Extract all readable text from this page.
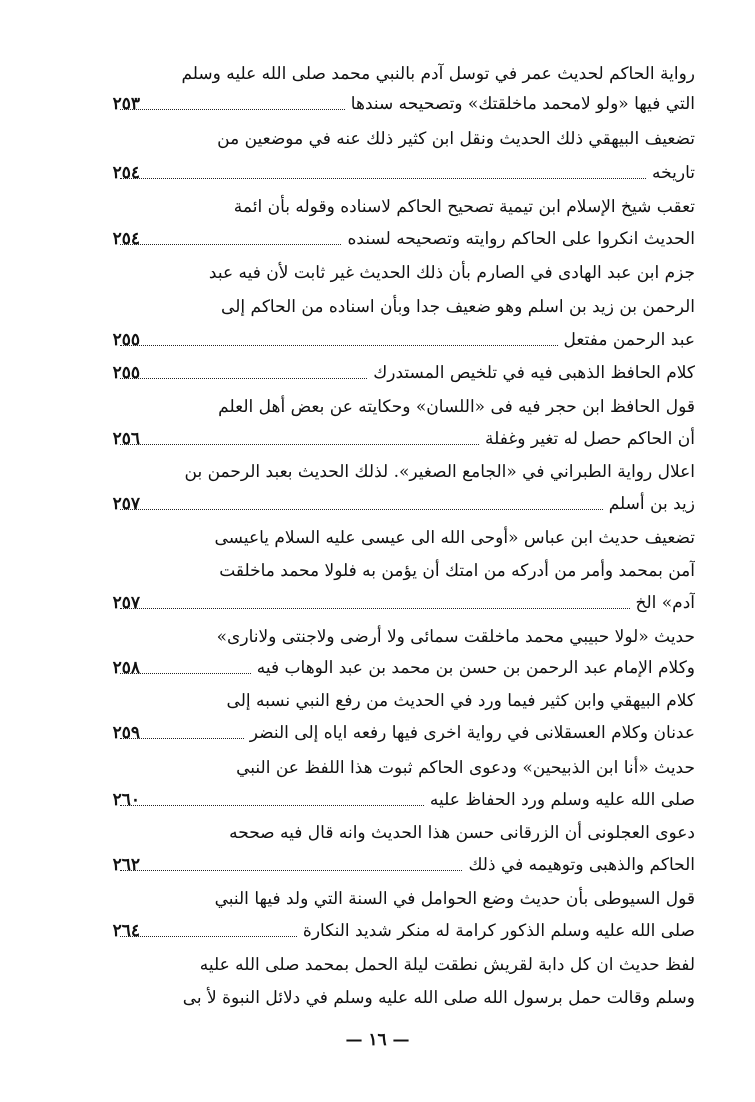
رواية الحاكم لحديث عمر في توسل آدم بالنبي محمد صلى الله عليه وسلم
٢٥٣	التي فيها «ولو لامحمد ماخلقتك» وتصحيحه سندها
تضعيف البيهقي ذلك الحديث ونقل ابن كثير ذلك عنه في موضعين من
٢٥٤	تاريخه
تعقب شيخ الإسلام ابن تيمية تصحيح الحاكم لاسناده وقوله بأن ائمة
٢٥٤	الحديث انكروا على الحاكم روايته وتصحيحه لسنده
جزم ابن عبد الهادى في الصارم بأن ذلك الحديث غير ثابت لأن فيه عبد
الرحمن بن زيد بن اسلم وهو ضعيف جدا وبأن اسناده من الحاكم إلى
٢٥٥	عبد الرحمن مفتعل
٢٥٥	كلام الحافظ الذهبى فيه في تلخيص المستدرك
قول الحافظ ابن حجر فيه فى «اللسان» وحكايته عن بعض أهل العلم
٢٥٦	أن الحاكم حصل له تغير وغفلة
اعلال رواية الطبراني في «الجامع الصغير». لذلك الحديث بعبد الرحمن بن
٢٥٧	زيد بن أسلم
تضعيف حديث ابن عباس «أوحى الله الى عيسى عليه السلام ياعيسى
آمن بمحمد وأمر من أدركه من امتك أن يؤمن به فلولا محمد ماخلقت
٢٥٧	آدم» الخ
حديث «لولا حبيبي محمد ماخلقت سمائى ولا أرضى ولاجنتى ولانارى»
٢٥٨	وكلام الإمام عبد الرحمن بن حسن بن محمد بن عبد الوهاب فيه
كلام البيهقي وابن كثير فيما ورد في الحديث من رفع النبي نسبه إلى
٢٥٩	عدنان وكلام العسقلانى في رواية اخرى فيها رفعه اياه إلى النضر
حديث «أنا ابن الذبيحين» ودعوى الحاكم ثبوت هذا اللفظ عن النبي
٢٦٠	صلى الله عليه وسلم ورد الحفاظ عليه
دعوى العجلونى أن الزرقانى حسن هذا الحديث وانه قال فيه صححه
٢٦٢	الحاكم والذهبى وتوهيمه في ذلك
قول السيوطى بأن حديث وضع الحوامل في السنة التي ولد فيها النبي
٢٦٤	صلى الله عليه وسلم الذكور كرامة له منكر شديد النكارة
لفظ حديث ان كل دابة لقريش نطقت ليلة الحمل بمحمد صلى الله عليه
وسلم وقالت حمل برسول الله صلى الله عليه وسلم في دلائل النبوة لأ بى
— ١٦ —
